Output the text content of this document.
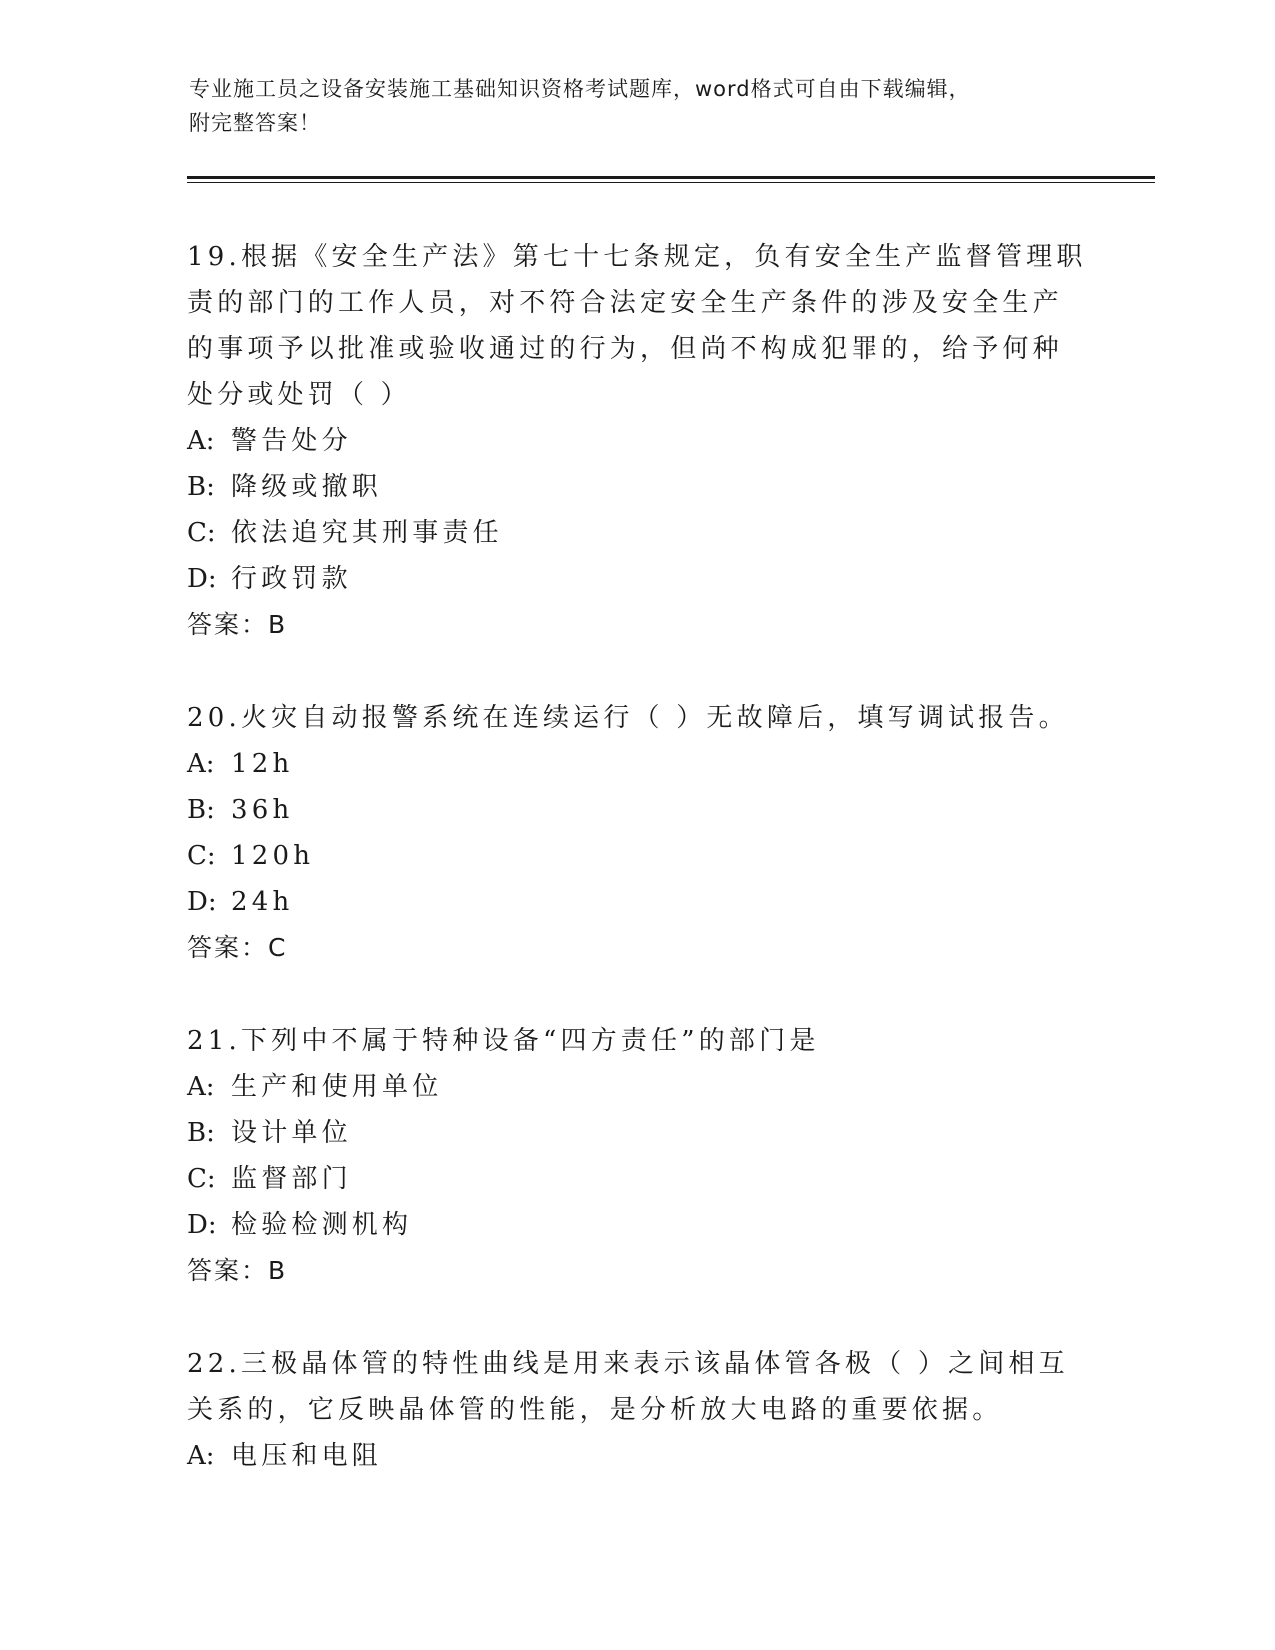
专业施工员之设备安装施工基础知识资格考试题库，word格式可自由下载编辑，
附完整答案！
19.根据《安全生产法》第七十七条规定，负有安全生产监督管理职责的部门的工作人员，对不符合法定安全生产条件的涉及安全生产的事项予以批准或验收通过的行为，但尚不构成犯罪的，给予何种处分或处罚（ ）
A: 警告处分
B: 降级或撤职
C: 依法追究其刑事责任
D: 行政罚款
答案：B
20.火灾自动报警系统在连续运行（ ）无故障后，填写调试报告。
A: 12h
B: 36h
C: 120h
D: 24h
答案：C
21.下列中不属于特种设备“四方责任”的部门是
A: 生产和使用单位
B: 设计单位
C: 监督部门
D: 检验检测机构
答案：B
22.三极晶体管的特性曲线是用来表示该晶体管各极（ ）之间相互关系的，它反映晶体管的性能，是分析放大电路的重要依据。
A: 电压和电阻
